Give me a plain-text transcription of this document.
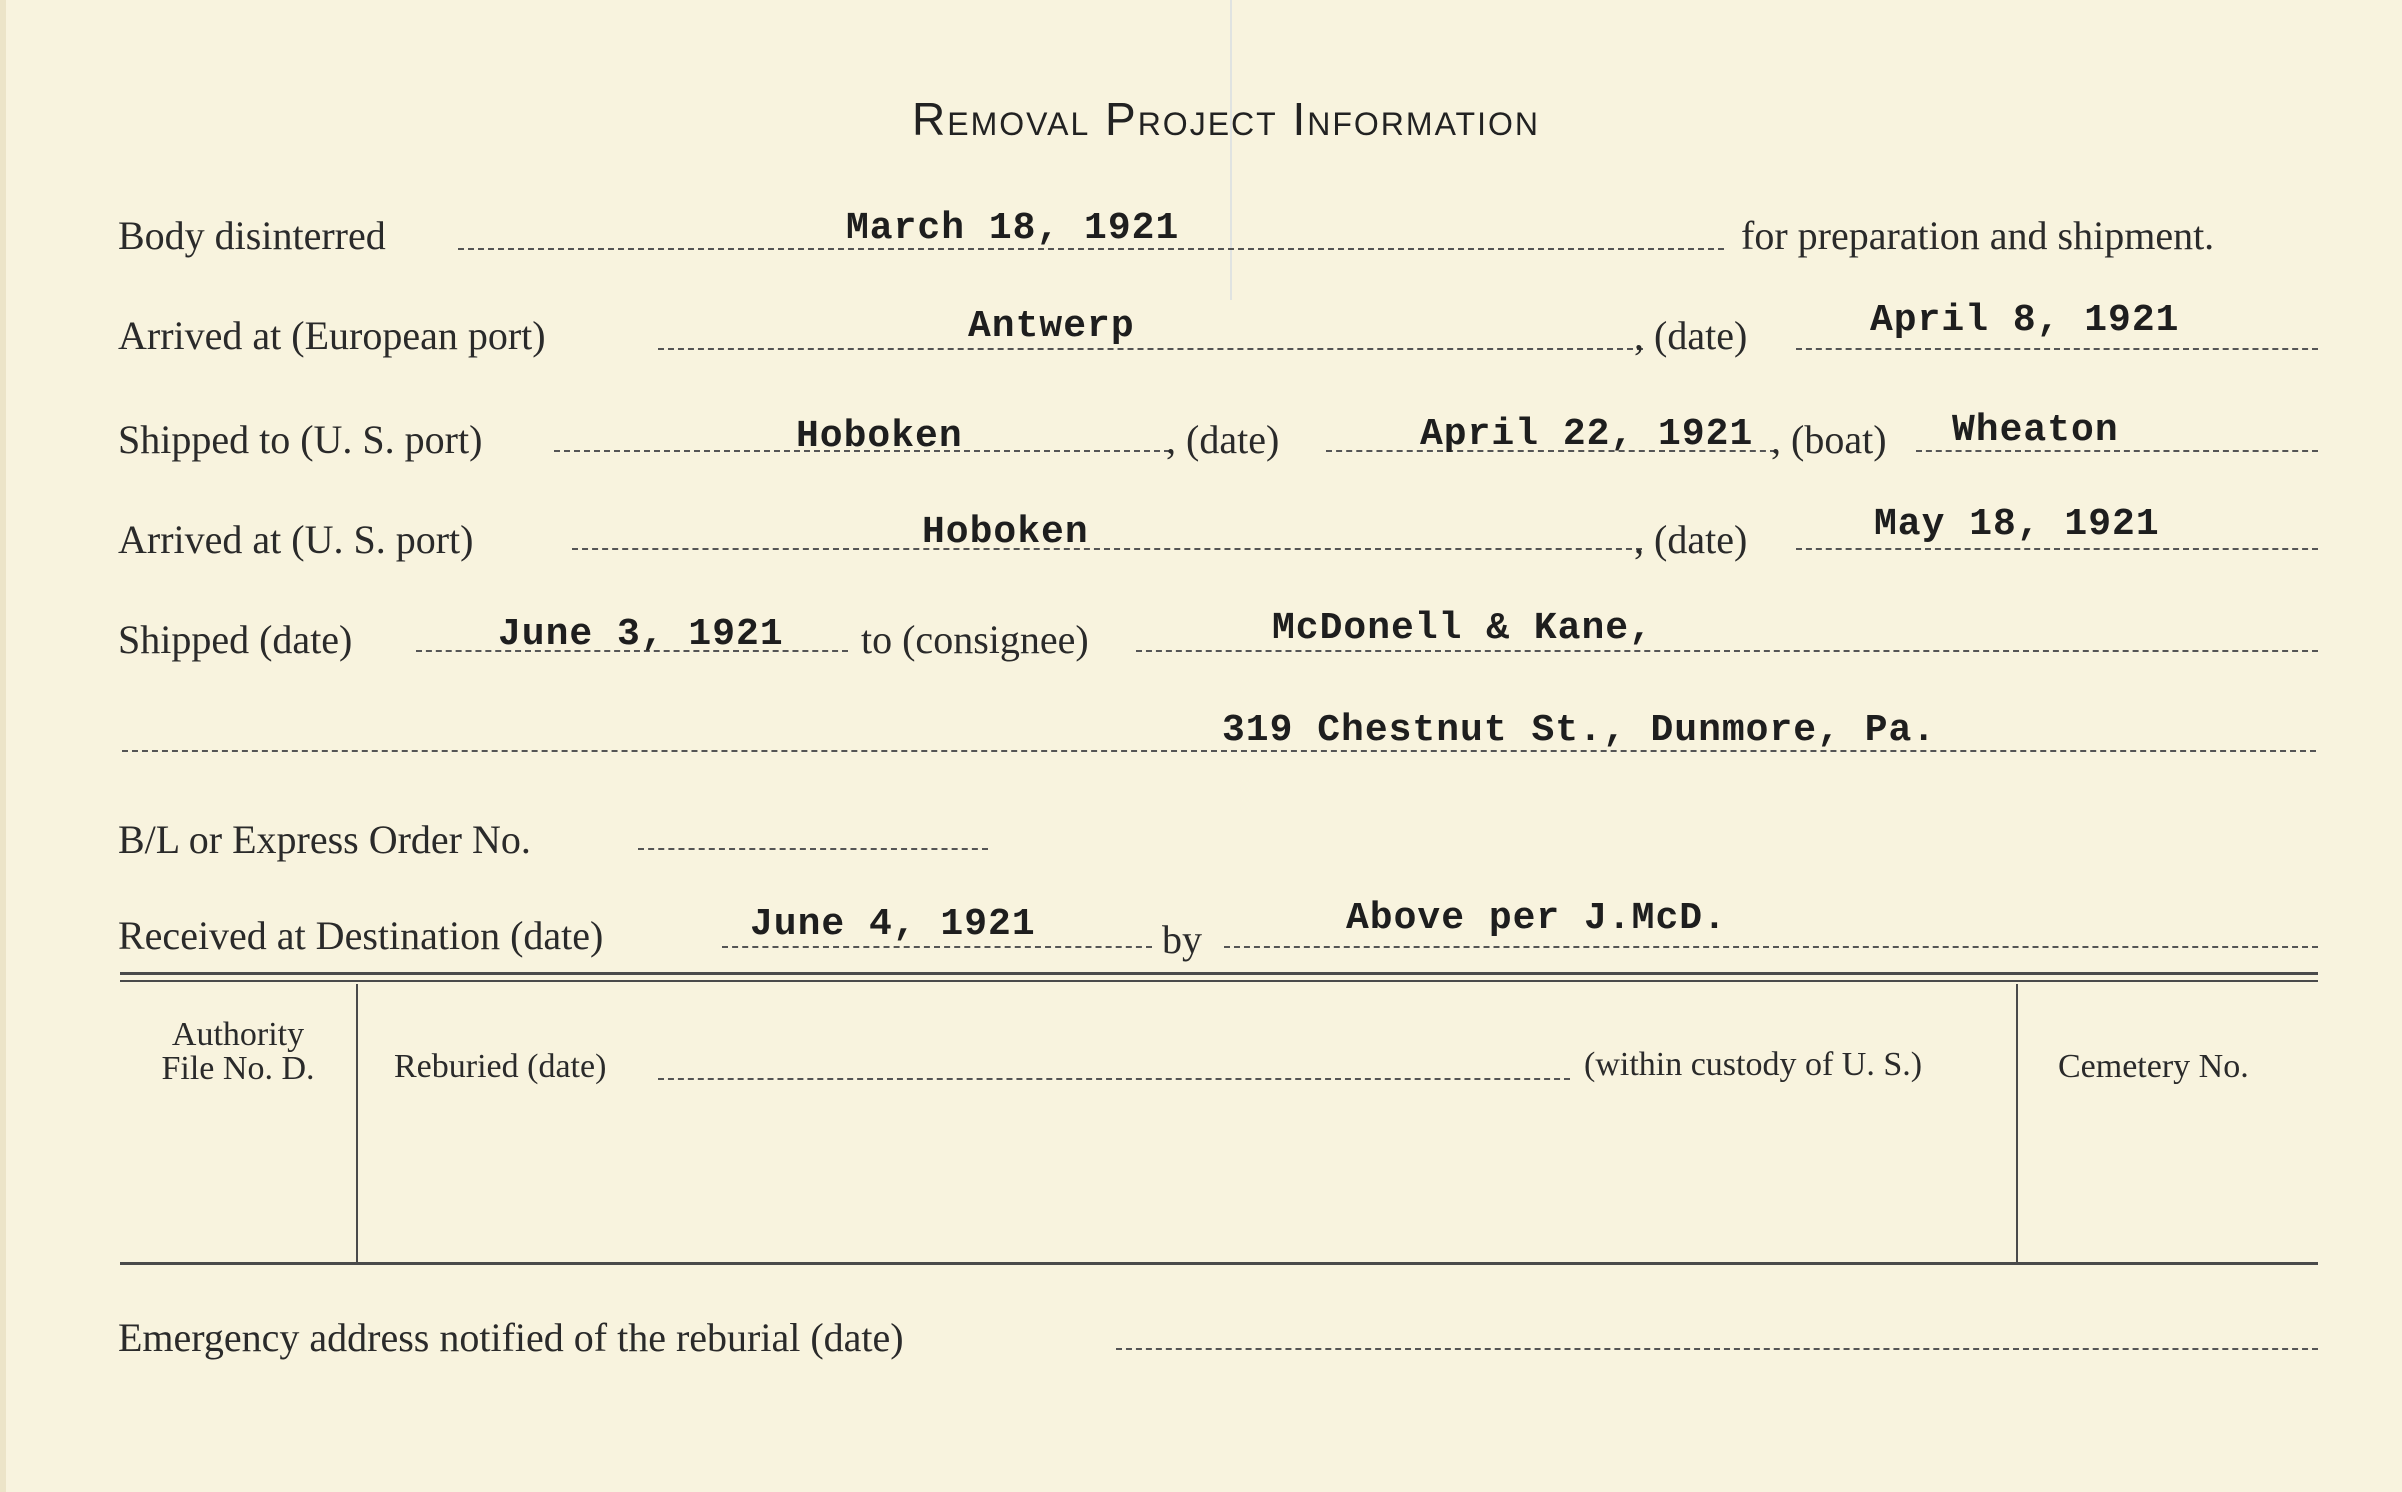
Removal Project Information
Body disinterred	March 18, 1921	for preparation and shipment.
Arrived at (European port)	Antwerp	, (date)	April 8, 1921
Shipped to (U. S. port)	Hoboken	, (date)	April 22, 1921 , (boat) Wheaton
Arrived at (U. S. port)	Hoboken	, (date)	May 18, 1921
Shipped (date)	June 3, 1921 to (consignee)	McDonell & Kane,
319 Chestnut St., Dunmore, Pa.
B/L or Express Order No.
Received at Destination (date)	June 4, 1921	by	Above per J.McD.
Authority
File No. D.	Reburied (date)	(within custody of U. S.)	Cemetery No.
Emergency address notified of the reburial (date)
